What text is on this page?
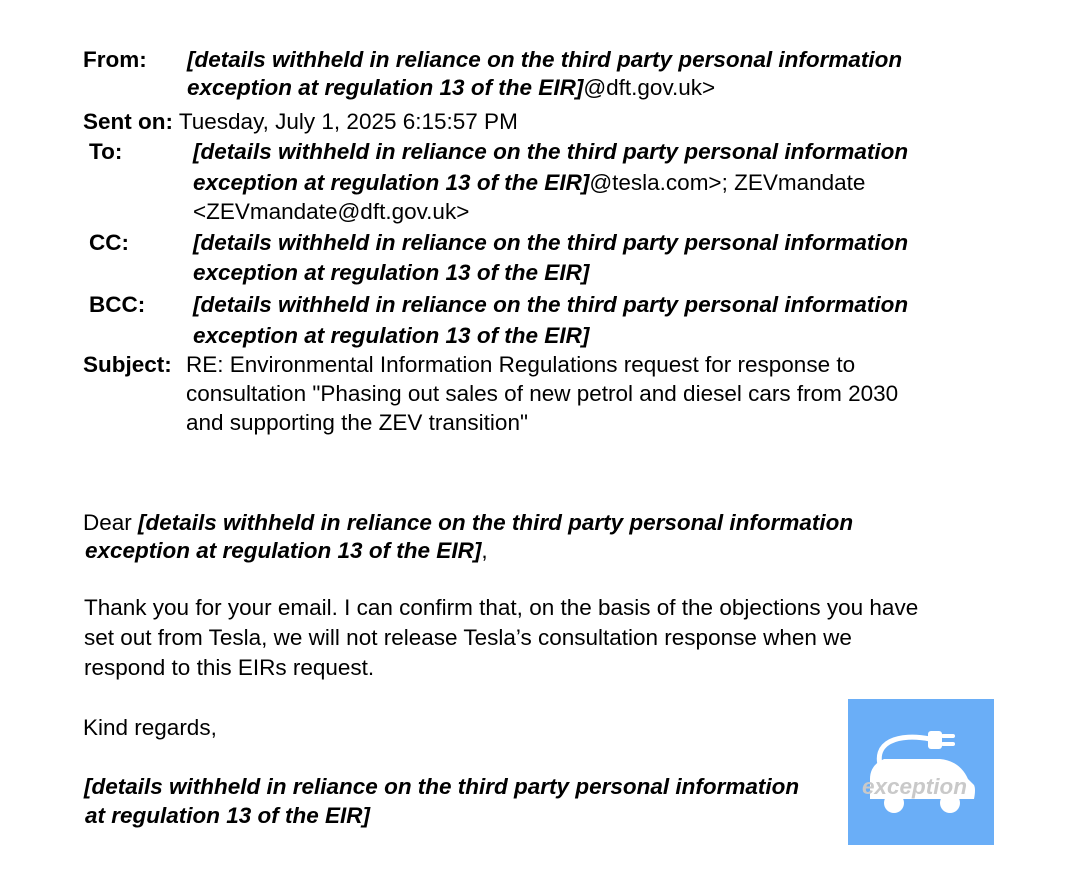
From: [details withheld in reliance on the third party personal information
exception at regulation 13 of the EIR]@dft.gov.uk>
Sent on: Tuesday, July 1, 2025 6:15:57 PM
To:	[details withheld in reliance on the third party personal information
exception at regulation 13 of the EIR]@tesla.com>; ZEVmandate
<ZEVmandate@dft.gov.uk>
CC:	[details withheld in reliance on the third party personal information
exception at regulation 13 of the EIR]
BCC: [details withheld in reliance on the third party personal information
exception at regulation 13 of the EIR]
Subject: RE: Environmental Information Regulations request for response to
consultation "Phasing out sales of new petrol and diesel cars from 2030
and supporting the ZEV transition"
Dear [details withheld in reliance on the third party personal information
exception at regulation 13 of the EIR],
Thank you for your email. I can confirm that, on the basis of the objections you have
set out from Tesla, we will not release Tesla’s consultation response when we
respond to this EIRs request.
Kind regards,
[details withheld in reliance on the third party personal information	exception
at regulation 13 of the EIR]
